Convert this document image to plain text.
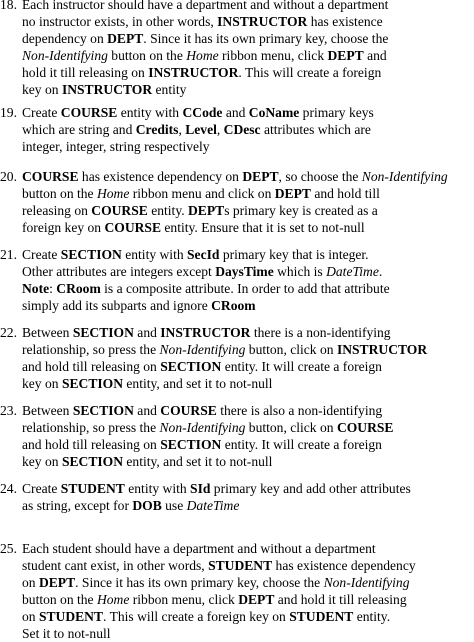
18. Each instructor should have a department and without a department
no instructor exists, in other words, INSTRUCTOR has existence
dependency on DEPT. Since it has its own primary key, choose the
Non-Identifying button on the Home ribbon menu, click DEPT and
hold it till releasing on INSTRUCTOR. This will create a foreign
key on INSTRUCTOR entity
19. Create COURSE entity with CCode and CoName primary keys
which are string and Credits, Level, CDesc attributes which are
integer, integer, string respectively
20. COURSE has existence dependency on DEPT, so choose the Non-Identifying
button on the Home ribbon menu and click on DEPT and hold till
releasing on COURSE entity. DEPTs primary key is created as a
foreign key on COURSE entity. Ensure that it is set to not-null
21. Create SECTION entity with SecId primary key that is integer.
Other attributes are integers except DaysTime which is DateTime.
Note: CRoom is a composite attribute. In order to add that attribute
simply add its subparts and ignore CRoom
22. Between SECTION and INSTRUCTOR there is a non-identifying
relationship, so press the Non-Identifying button, click on INSTRUCTOR
and hold till releasing on SECTION entity. It will create a foreign
key on SECTION entity, and set it to not-null
23. Between SECTION and COURSE there is also a non-identifying
relationship, so press the Non-Identifying button, click on COURSE
and hold till releasing on SECTION entity. It will create a foreign
key on SECTION entity, and set it to not-null
24. Create STUDENT entity with SId primary key and add other attributes
as string, except for DOB use DateTime
25. Each student should have a department and without a department
student cant exist, in other words, STUDENT has existence dependency
on DEPT. Since it has its own primary key, choose the Non-Identifying
button on the Home ribbon menu, click DEPT and hold it till releasing
on STUDENT. This will create a foreign key on STUDENT entity.
Set it to not-null
